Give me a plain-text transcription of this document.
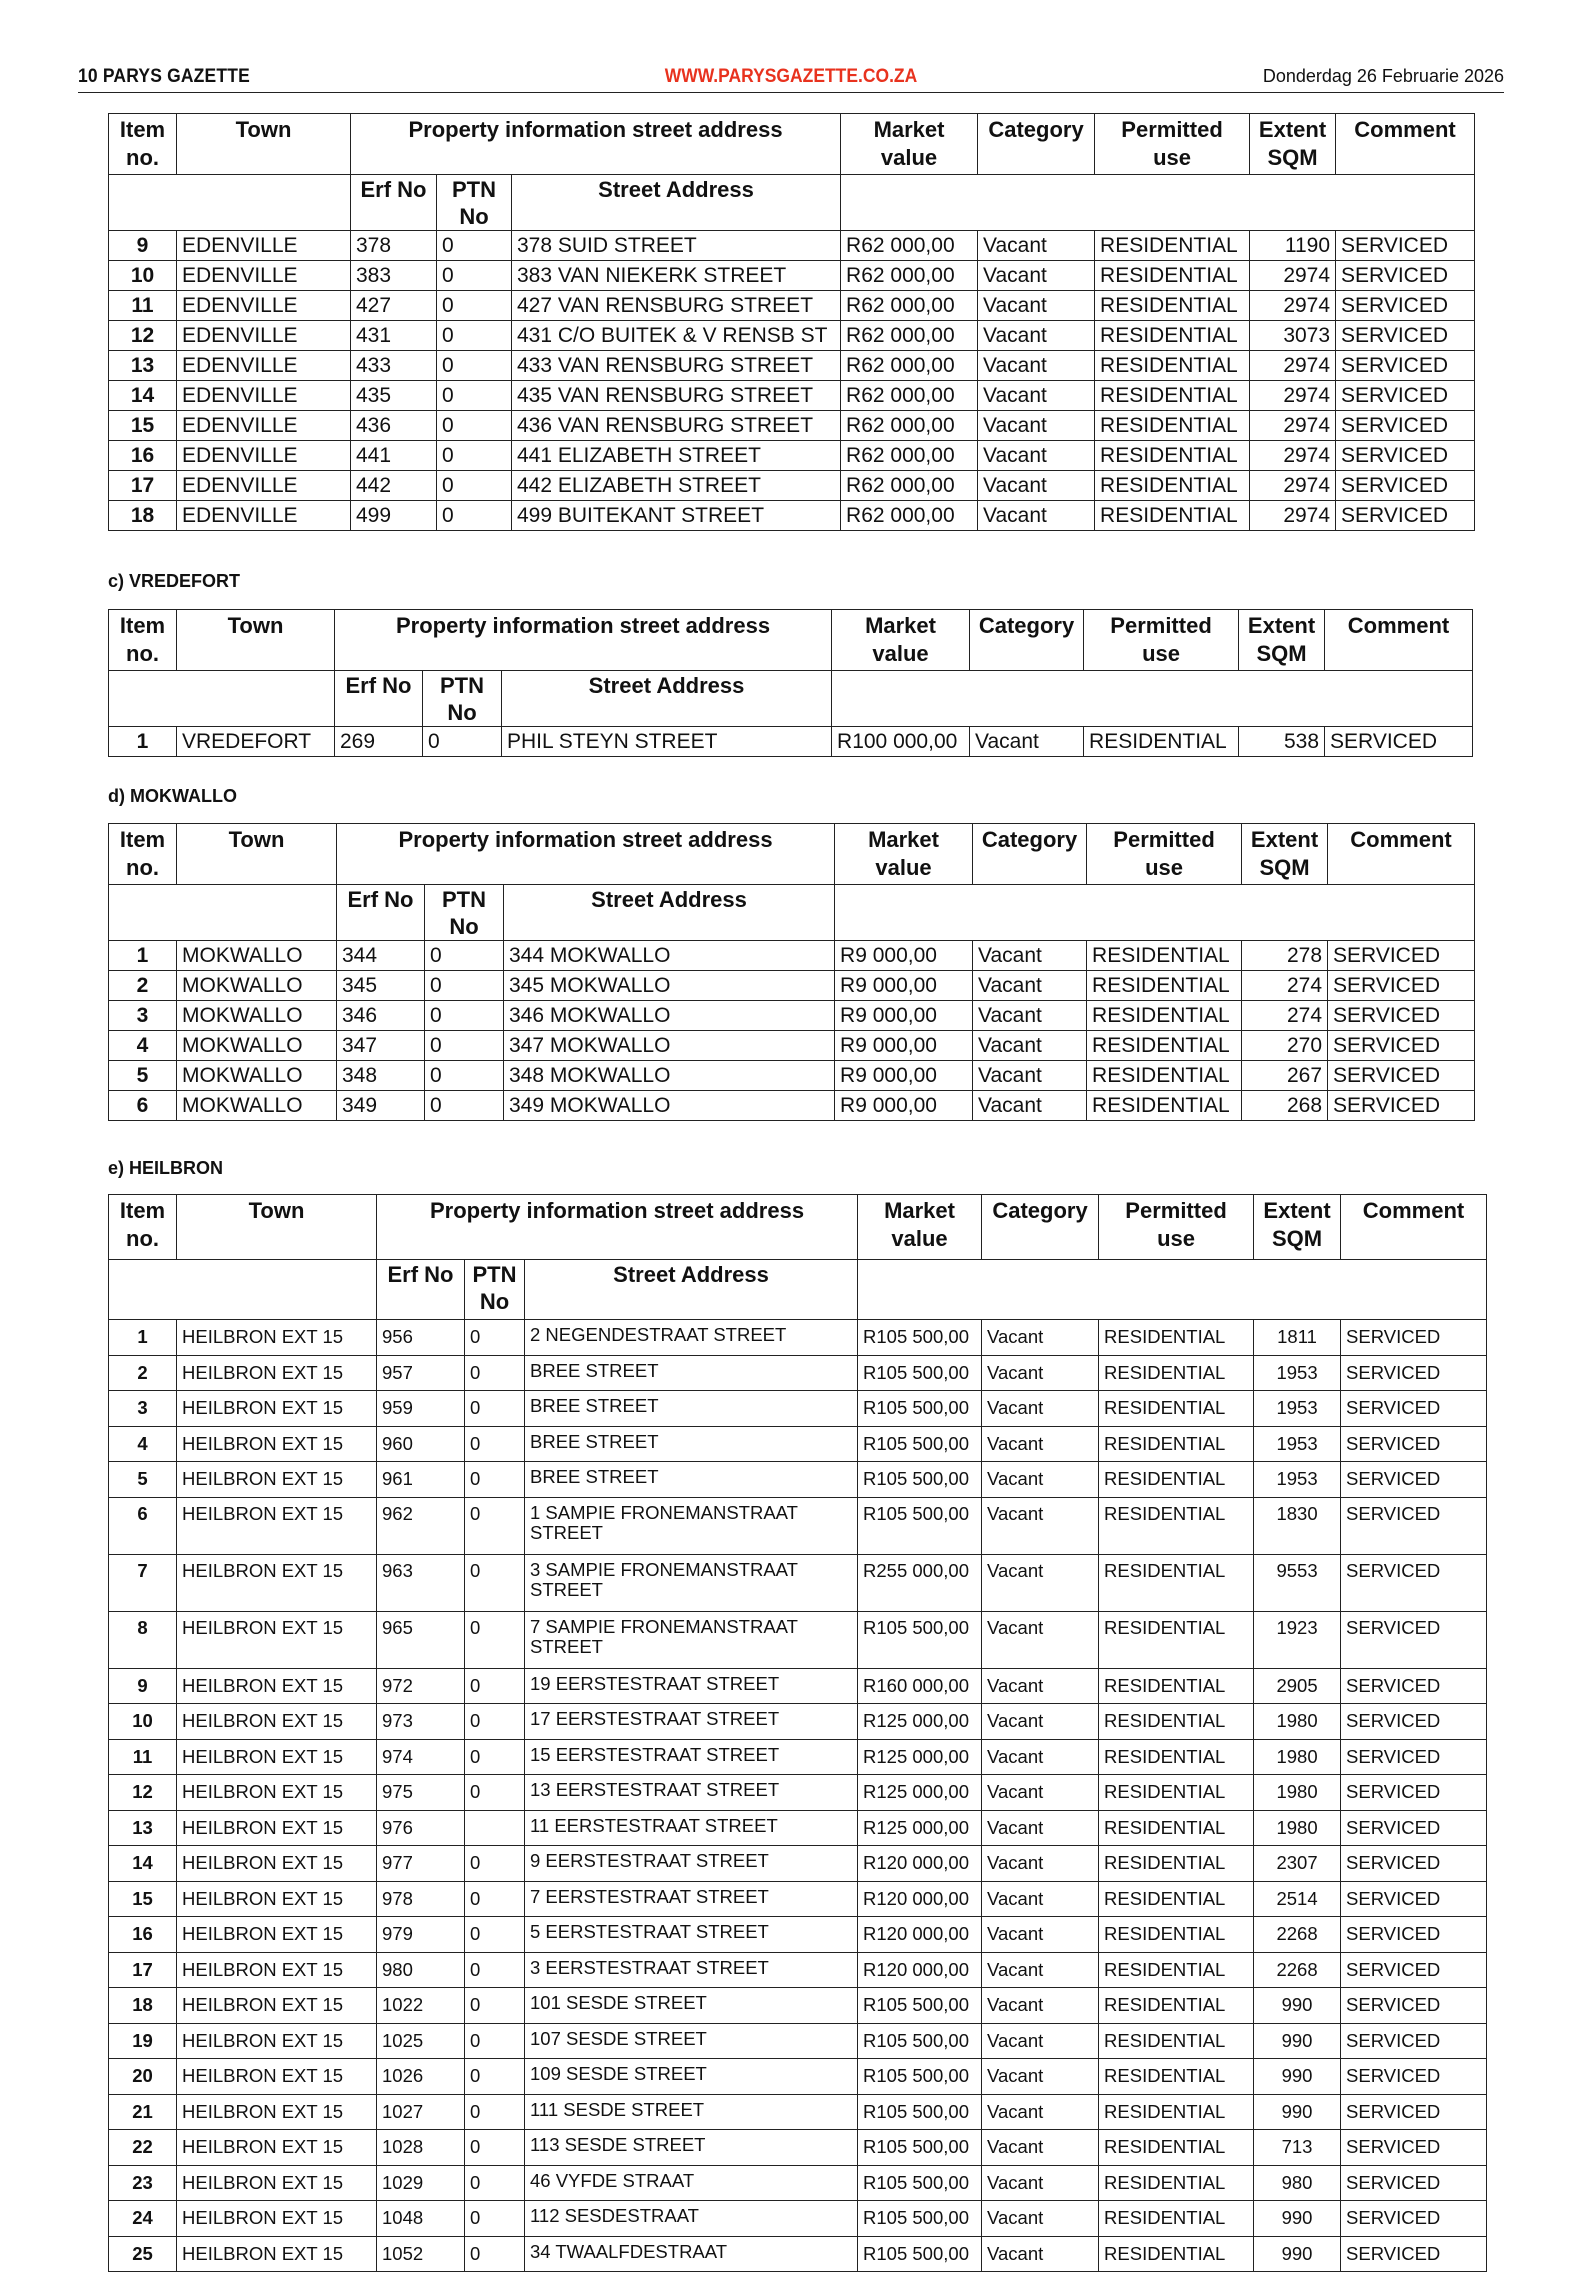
10 PARYS GAZETTE	WWW.PARYSGAZETTE.CO.ZA	Donderdag 26 Februarie 2026
Item no.	Town	Property information street address			Market value	Category	Permitted use	Extent SQM	Comment
		Erf No	PTN No	Street Address					
9	EDENVILLE	378	0	378 SUID STREET	R62 000,00	Vacant	RESIDENTIAL	1190	SERVICED
10	EDENVILLE	383	0	383 VAN NIEKERK STREET	R62 000,00	Vacant	RESIDENTIAL	2974	SERVICED
11	EDENVILLE	427	0	427 VAN RENSBURG STREET	R62 000,00	Vacant	RESIDENTIAL	2974	SERVICED
12	EDENVILLE	431	0	431 C/O BUITEK & V RENSB ST	R62 000,00	Vacant	RESIDENTIAL	3073	SERVICED
13	EDENVILLE	433	0	433 VAN RENSBURG STREET	R62 000,00	Vacant	RESIDENTIAL	2974	SERVICED
14	EDENVILLE	435	0	435 VAN RENSBURG STREET	R62 000,00	Vacant	RESIDENTIAL	2974	SERVICED
15	EDENVILLE	436	0	436 VAN RENSBURG STREET	R62 000,00	Vacant	RESIDENTIAL	2974	SERVICED
16	EDENVILLE	441	0	441 ELIZABETH STREET	R62 000,00	Vacant	RESIDENTIAL	2974	SERVICED
17	EDENVILLE	442	0	442 ELIZABETH STREET	R62 000,00	Vacant	RESIDENTIAL	2974	SERVICED
18	EDENVILLE	499	0	499 BUITEKANT STREET	R62 000,00	Vacant	RESIDENTIAL	2974	SERVICED
c) VREDEFORT
Item no.	Town	Property information street address			Market value	Category	Permitted use	Extent SQM	Comment
		Erf No	PTN No	Street Address					
1	VREDEFORT	269	0	PHIL STEYN STREET	R100 000,00	Vacant	RESIDENTIAL	538	SERVICED
d) MOKWALLO
Item no.	Town	Property information street address			Market value	Category	Permitted use	Extent SQM	Comment
		Erf No	PTN No	Street Address					
1	MOKWALLO	344	0	344 MOKWALLO	R9 000,00	Vacant	RESIDENTIAL	278	SERVICED
2	MOKWALLO	345	0	345 MOKWALLO	R9 000,00	Vacant	RESIDENTIAL	274	SERVICED
3	MOKWALLO	346	0	346 MOKWALLO	R9 000,00	Vacant	RESIDENTIAL	274	SERVICED
4	MOKWALLO	347	0	347 MOKWALLO	R9 000,00	Vacant	RESIDENTIAL	270	SERVICED
5	MOKWALLO	348	0	348 MOKWALLO	R9 000,00	Vacant	RESIDENTIAL	267	SERVICED
6	MOKWALLO	349	0	349 MOKWALLO	R9 000,00	Vacant	RESIDENTIAL	268	SERVICED
e) HEILBRON
Item no.	Town	Property information street address			Market value	Category	Permitted use	Extent SQM	Comment
		Erf No	PTN No	Street Address					
1	HEILBRON EXT 15	956	0	2 NEGENDESTRAAT STREET	R105 500,00	Vacant	RESIDENTIAL	1811	SERVICED
2	HEILBRON EXT 15	957	0	BREE STREET	R105 500,00	Vacant	RESIDENTIAL	1953	SERVICED
3	HEILBRON EXT 15	959	0	BREE STREET	R105 500,00	Vacant	RESIDENTIAL	1953	SERVICED
4	HEILBRON EXT 15	960	0	BREE STREET	R105 500,00	Vacant	RESIDENTIAL	1953	SERVICED
5	HEILBRON EXT 15	961	0	BREE STREET	R105 500,00	Vacant	RESIDENTIAL	1953	SERVICED
6	HEILBRON EXT 15	962	0	1 SAMPIE FRONEMANSTRAAT STREET	R105 500,00	Vacant	RESIDENTIAL	1830	SERVICED
7	HEILBRON EXT 15	963	0	3 SAMPIE FRONEMANSTRAAT STREET	R255 000,00	Vacant	RESIDENTIAL	9553	SERVICED
8	HEILBRON EXT 15	965	0	7 SAMPIE FRONEMANSTRAAT STREET	R105 500,00	Vacant	RESIDENTIAL	1923	SERVICED
9	HEILBRON EXT 15	972	0	19 EERSTESTRAAT STREET	R160 000,00	Vacant	RESIDENTIAL	2905	SERVICED
10	HEILBRON EXT 15	973	0	17 EERSTESTRAAT STREET	R125 000,00	Vacant	RESIDENTIAL	1980	SERVICED
11	HEILBRON EXT 15	974	0	15 EERSTESTRAAT STREET	R125 000,00	Vacant	RESIDENTIAL	1980	SERVICED
12	HEILBRON EXT 15	975	0	13 EERSTESTRAAT STREET	R125 000,00	Vacant	RESIDENTIAL	1980	SERVICED
13	HEILBRON EXT 15	976		11 EERSTESTRAAT STREET	R125 000,00	Vacant	RESIDENTIAL	1980	SERVICED
14	HEILBRON EXT 15	977	0	9 EERSTESTRAAT STREET	R120 000,00	Vacant	RESIDENTIAL	2307	SERVICED
15	HEILBRON EXT 15	978	0	7 EERSTESTRAAT STREET	R120 000,00	Vacant	RESIDENTIAL	2514	SERVICED
16	HEILBRON EXT 15	979	0	5 EERSTESTRAAT STREET	R120 000,00	Vacant	RESIDENTIAL	2268	SERVICED
17	HEILBRON EXT 15	980	0	3 EERSTESTRAAT STREET	R120 000,00	Vacant	RESIDENTIAL	2268	SERVICED
18	HEILBRON EXT 15	1022	0	101 SESDE STREET	R105 500,00	Vacant	RESIDENTIAL	990	SERVICED
19	HEILBRON EXT 15	1025	0	107 SESDE STREET	R105 500,00	Vacant	RESIDENTIAL	990	SERVICED
20	HEILBRON EXT 15	1026	0	109 SESDE STREET	R105 500,00	Vacant	RESIDENTIAL	990	SERVICED
21	HEILBRON EXT 15	1027	0	111 SESDE STREET	R105 500,00	Vacant	RESIDENTIAL	990	SERVICED
22	HEILBRON EXT 15	1028	0	113 SESDE STREET	R105 500,00	Vacant	RESIDENTIAL	713	SERVICED
23	HEILBRON EXT 15	1029	0	46 VYFDE STRAAT	R105 500,00	Vacant	RESIDENTIAL	980	SERVICED
24	HEILBRON EXT 15	1048	0	112 SESDESTRAAT	R105 500,00	Vacant	RESIDENTIAL	990	SERVICED
25	HEILBRON EXT 15	1052	0	34 TWAALFDESTRAAT	R105 500,00	Vacant	RESIDENTIAL	990	SERVICED
